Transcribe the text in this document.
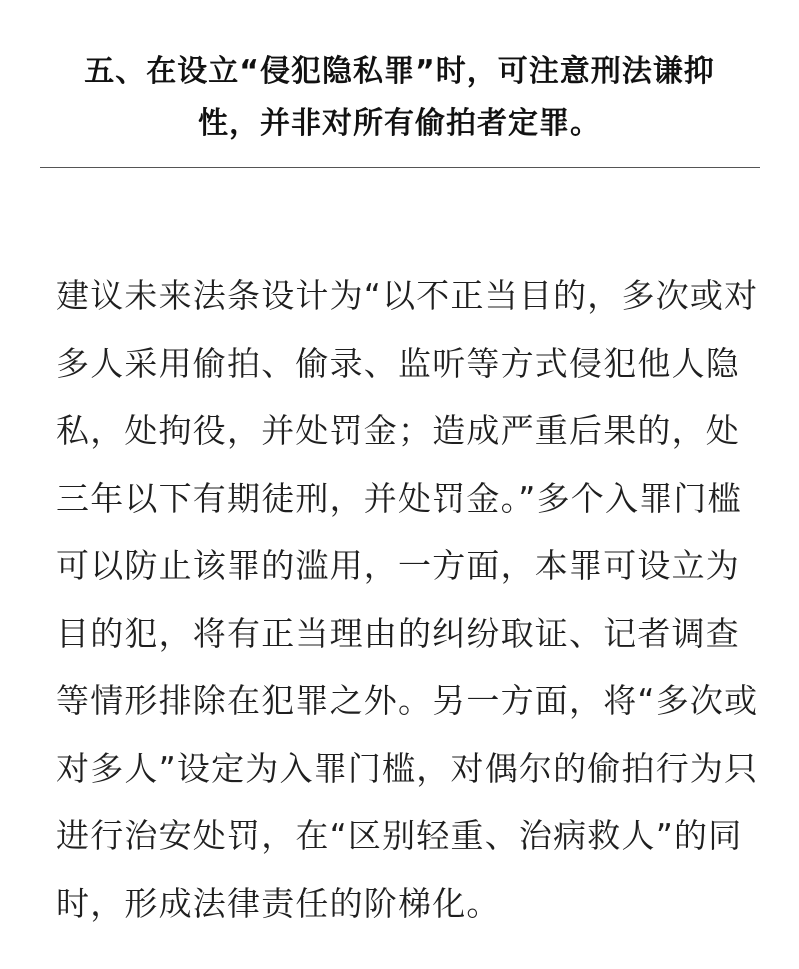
五、在设立“侵犯隐私罪”时，可注意刑法谦抑
性，并非对所有偷拍者定罪。
建议未来法条设计为“以不正当目的，多次或对
多人采用偷拍、偷录、监听等方式侵犯他人隐
私，处拘役，并处罚金；造成严重后果的，处
三年以下有期徒刑，并处罚金。”多个入罪门槛
可以防止该罪的滥用，一方面，本罪可设立为
目的犯，将有正当理由的纠纷取证、记者调查
等情形排除在犯罪之外。另一方面，将“多次或
对多人”设定为入罪门槛，对偶尔的偷拍行为只
进行治安处罚，在“区别轻重、治病救人”的同
时，形成法律责任的阶梯化。
